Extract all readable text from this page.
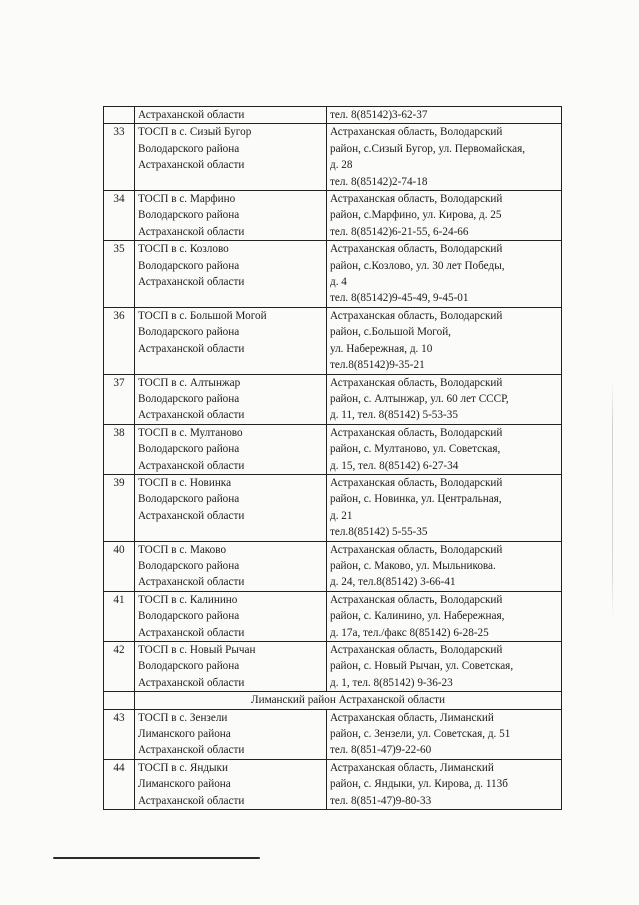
	Астраханской области	тел. 8(85142)3-62-37

33	ТОСП в с. Сизый Бугор
Володарского района
Астраханской области	Астраханская область, Володарский
район, с.Сизый Бугор, ул. Первомайская,
д. 28
тел. 8(85142)2-74-18

34	ТОСП в с. Марфино
Володарского района
Астраханской области	Астраханская область, Володарский
район, с.Марфино, ул. Кирова, д. 25
тел. 8(85142)6-21-55, 6-24-66

35	ТОСП в с. Козлово
Володарского района
Астраханской области	Астраханская область, Володарский
район, с.Козлово, ул. 30 лет Победы,
д. 4
тел. 8(85142)9-45-49, 9-45-01

36	ТОСП в с. Большой Могой
Володарского района
Астраханской области	Астраханская область, Володарский
район, с.Большой Могой,
ул. Набережная, д. 10
тел.8(85142)9-35-21

37	ТОСП в с. Алтынжар
Володарского района
Астраханской области	Астраханская область, Володарский
район, с. Алтынжар, ул. 60 лет СССР,
д. 11, тел. 8(85142) 5-53-35

38	ТОСП в с. Мултаново
Володарского района
Астраханской области	Астраханская область, Володарский
район, с. Мултаново, ул. Советская,
д. 15, тел. 8(85142) 6-27-34

39	ТОСП в с. Новинка
Володарского района
Астраханской области	Астраханская область, Володарский
район, с. Новинка, ул. Центральная,
д. 21
тел.8(85142) 5-55-35

40	ТОСП в с. Маково
Володарского района
Астраханской области	Астраханская область, Володарский
район, с. Маково, ул. Мыльникова.
д. 24, тел.8(85142) 3-66-41

41	ТОСП в с. Калинино
Володарского района
Астраханской области	Астраханская область, Володарский
район, с. Калинино, ул. Набережная,
д. 17а, тел./факс 8(85142) 6-28-25

42	ТОСП в с. Новый Рычан
Володарского района
Астраханской области	Астраханская область, Володарский
район, с. Новый Рычан, ул. Советская,
д. 1, тел. 8(85142) 9-36-23

	Лиманский район Астраханской области	
43	ТОСП в с. Зензели
Лиманского района
Астраханской области	Астраханская область, Лиманский
район, с. Зензели, ул. Советская, д. 51
тел. 8(851-47)9-22-60

44	ТОСП в с. Яндыки
Лиманского района
Астраханской области	Астраханская область, Лиманский
район, с. Яндыки, ул. Кирова, д. 113б
тел. 8(851-47)9-80-33
